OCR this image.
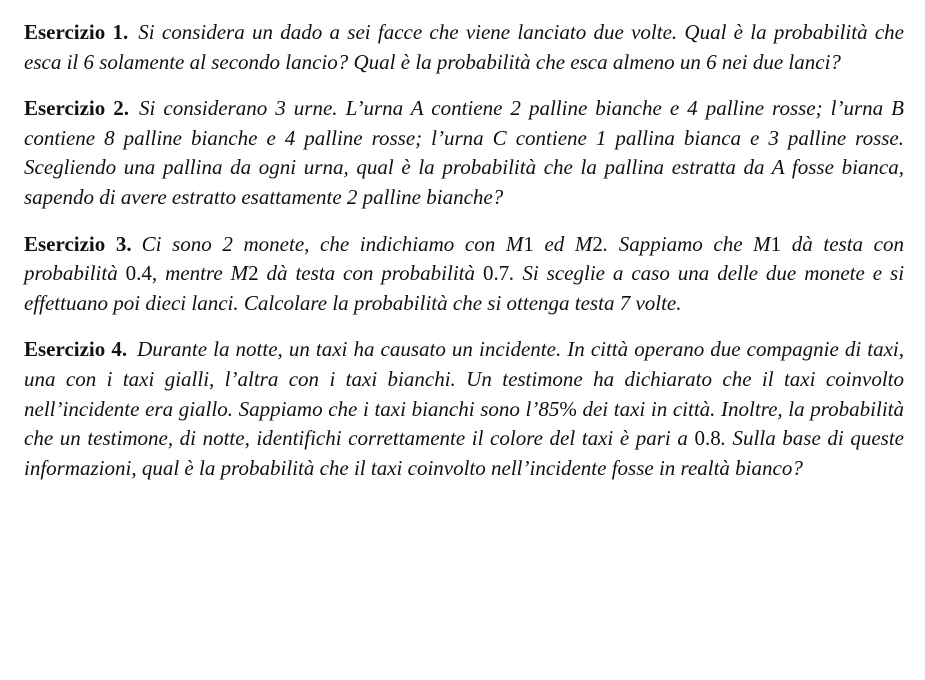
Esercizio 1. Si considera un dado a sei facce che viene lanciato due volte. Qual è la probabilità che esca il 6 solamente al secondo lancio? Qual è la probabilità che esca almeno un 6 nei due lanci?

Esercizio 2. Si considerano 3 urne. L’urna A contiene 2 palline bianche e 4 palline rosse; l’urna B contiene 8 palline bianche e 4 palline rosse; l’urna C contiene 1 pallina bianca e 3 palline rosse. Scegliendo una pallina da ogni urna, qual è la probabilità che la pallina estratta da A fosse bianca, sapendo di avere estratto esattamente 2 palline bianche?

Esercizio 3. Ci sono 2 monete, che indichiamo con M1 ed M2. Sappiamo che M1 dà testa con probabilità 0.4, mentre M2 dà testa con probabilità 0.7. Si sceglie a caso una delle due monete e si effettuano poi dieci lanci. Calcolare la probabilità che si ottenga testa 7 volte.

Esercizio 4. Durante la notte, un taxi ha causato un incidente. In città operano due compagnie di taxi, una con i taxi gialli, l’altra con i taxi bianchi. Un testimone ha dichiarato che il taxi coinvolto nell’incidente era giallo. Sappiamo che i taxi bianchi sono l’85% dei taxi in città. Inoltre, la probabilità che un testimone, di notte, identifichi correttamente il colore del taxi è pari a 0.8. Sulla base di queste informazioni, qual è la probabilità che il taxi coinvolto nell’incidente fosse in realtà bianco?
